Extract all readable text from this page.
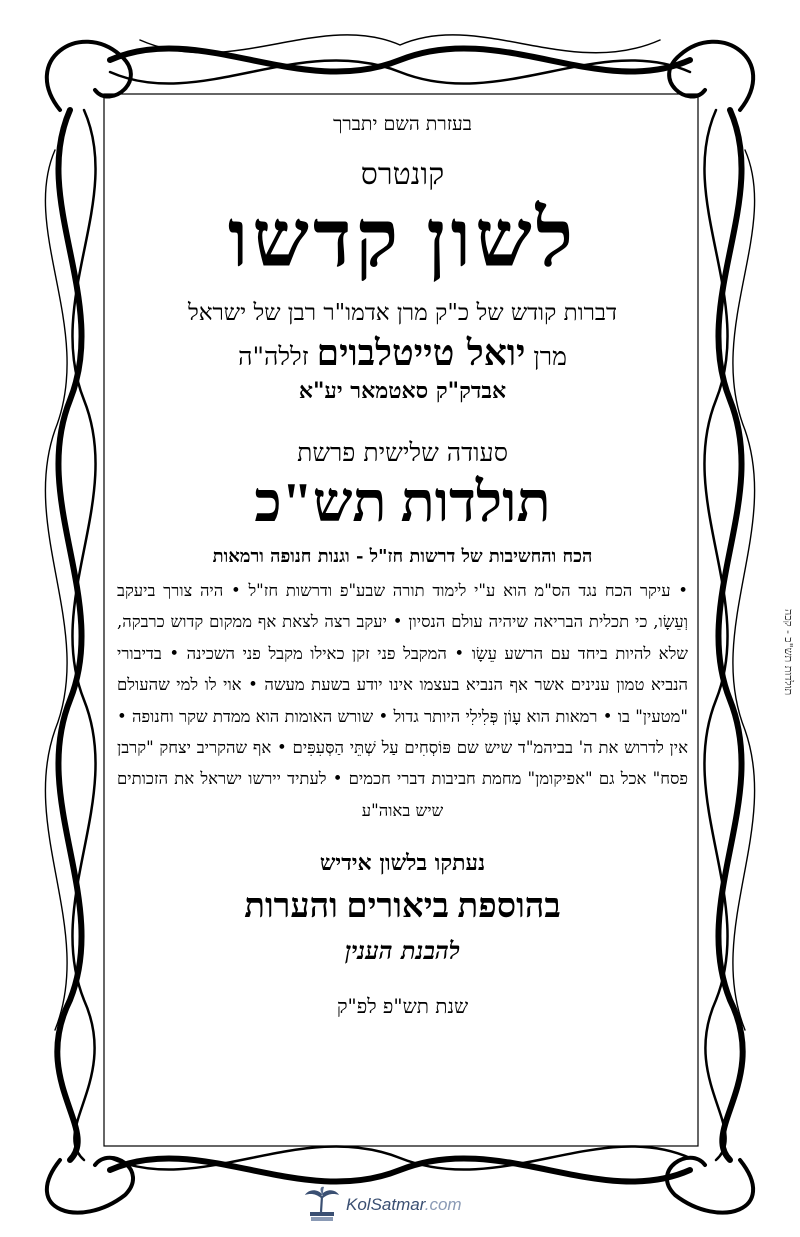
בעזרת השם יתברך
קונטרס
לשון קדשו
דברות קודש של כ"ק מרן אדמו"ר רבן של ישראל
מרן יואל טייטלבוים זללה"ה
אבדק"ק סאטמאר יע"א
סעודה שלישית פרשת
תולדות תש"כ
הכח והחשיבות של דרשות חז"ל - וגנות חנופה ורמאות
• עיקר הכח נגד הס"מ הוא ע"י לימוד תורה שבע"פ ודרשות חז"ל • היה צורך ביעקב וְעֵשָׂו, כי תכלית הבריאה שיהיה עולם הנסיון • יעקב רצה לצאת אף ממקום קדוש כרבקה, שלא להיות ביחד עם הרשע עֵשָׂו • המקבל פני זקן כאילו מקבל פני השכינה • בדיבורי הנביא טמון ענינים אשר אף הנביא בעצמו אינו יודע בשעת מעשה • אוי לו למי שהעולם "מטעין" בו • רמאות הוא עָוֹן פְּלִילִי היותר גדול • שורש האומות הוא ממדת שקר וחנופה • אין לדרוש את ה' בביהמ"ד שיש שם פּוֹסְחִים עַל שְׁתֵּי הַסְּעִפִּים • אף שהקריב יצחק "קרבן פסח" אכל גם "אפיקומן" מחמת חביבות דברי חכמים • לעתיד יירשו ישראל את הזכותים שיש באוה"ע
נעתקו בלשון אידיש
בהוספת ביאורים והערות
להבנת הענין
שנת תש"פ לפ"ק
תולדות תש"כ - קכה
KolSatmar.com
